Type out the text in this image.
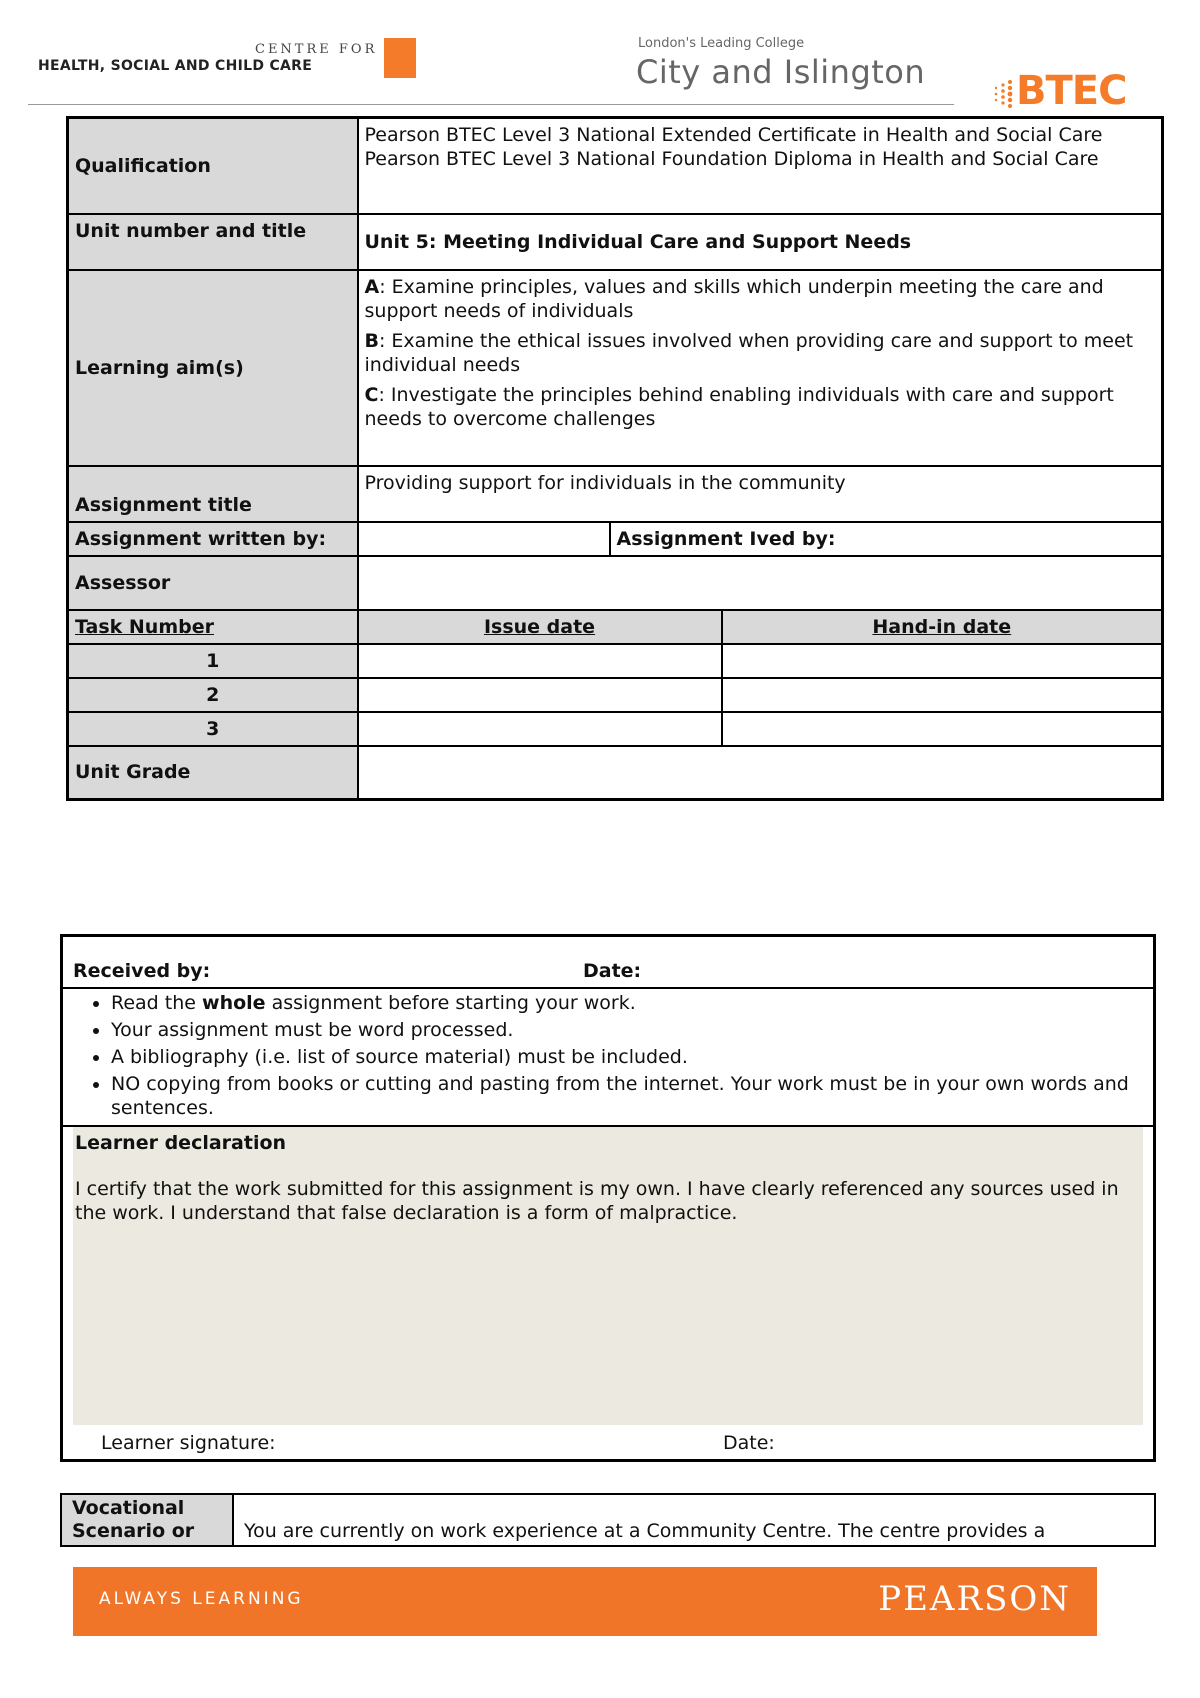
CENTRE FOR
HEALTH, SOCIAL AND CHILD CARE
London's Leading College
City and Islington BTEC
Qualification	Pearson BTEC Level 3 National Extended Certificate in Health and Social Care
Pearson BTEC Level 3 National Foundation Diploma in Health and Social Care		

Unit number and title	Unit 5: Meeting Individual Care and Support Needs		
Learning aim(s)	A: Examine principles, values and skills which underpin meeting the care and support needs of individuals

B: Examine the ethical issues involved when providing care and support to meet individual needs

C: Investigate the principles behind enabling individuals with care and support needs to overcome challenges		

Assignment title	Providing support for individuals in the community		
Assignment written by:		Assignment Ived by:	
Assessor			
Task Number	Issue date		Hand-in date
1			
2			
3			
Unit Grade			
Received by:	Date:

• Read the whole assignment before starting your work.
• Your assignment must be word processed.
• A bibliography (i.e. list of source material) must be included.
• NO copying from books or cutting and pasting from the internet. Your work must be in your own words and sentences.

Learner declaration
I certify that the work submitted for this assignment is my own. I have clearly referenced any sources used in the work. I understand that false declaration is a form of malpractice.
Learner signature:	Date:
Vocational
Scenario or	You are currently on work experience at a Community Centre. The centre provides a
ALWAYS LEARNING	PEARSON
